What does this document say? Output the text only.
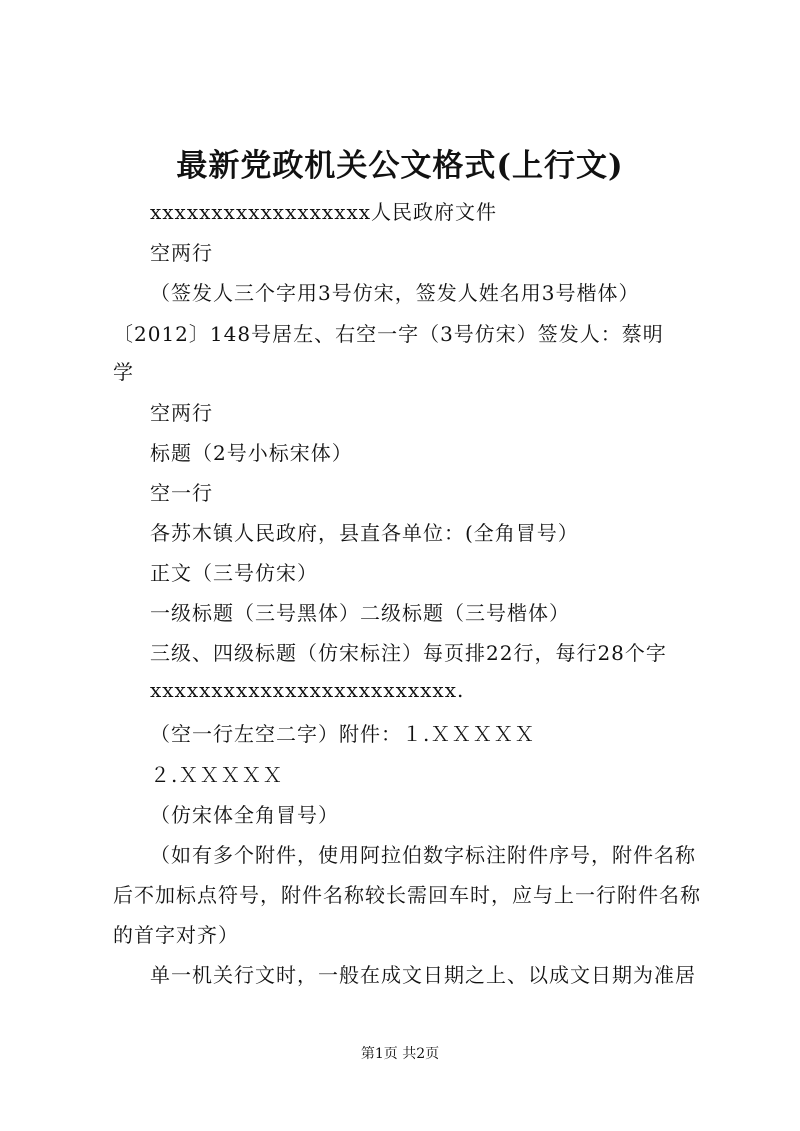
最新党政机关公文格式(上行文)
xxxxxxxxxxxxxxxxxx人民政府文件
空两行
（签发人三个字用3号仿宋，签发人姓名用3号楷体）
〔2012〕148号居左、右空一字（3号仿宋）签发人：蔡明
学
空两行
标题（2号小标宋体）
空一行
各苏木镇人民政府，县直各单位：(全角冒号）
正文（三号仿宋）
一级标题（三号黑体）二级标题（三号楷体）
三级、四级标题（仿宋标注）每页排22行，每行28个字
xxxxxxxxxxxxxxxxxxxxxxxxx.
（空一行左空二字）附件：１.ＸＸＸＸＸ
２.ＸＸＸＸＸ
（仿宋体全角冒号）
（如有多个附件，使用阿拉伯数字标注附件序号，附件名称
后不加标点符号，附件名称较长需回车时，应与上一行附件名称
的首字对齐）
单一机关行文时，一般在成文日期之上、以成文日期为准居
第1页 共2页
